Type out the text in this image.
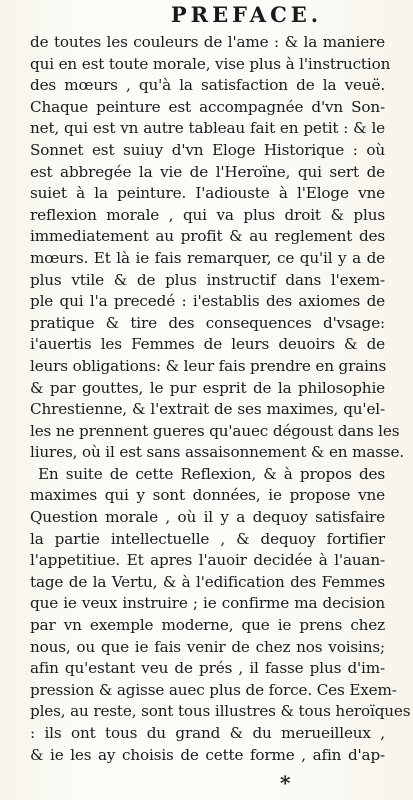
PREFACE.
de toutes les couleurs de l'ame : & la maniere
qui en est toute morale, vise plus à l'instruction
des mœurs , qu'à la satisfaction de la veuë.
Chaque peinture est accompagnée d'vn Son-
net, qui est vn autre tableau fait en petit : & le
Sonnet est suiuy d'vn Eloge Historique : où
est abbregée la vie de l'Heroïne, qui sert de
suiet à la peinture. I'adiouste à l'Eloge vne
reflexion morale , qui va plus droit & plus
immediatement au profit & au reglement des
mœurs. Et là ie fais remarquer, ce qu'il y a de
plus vtile & de plus instructif dans l'exem-
ple qui l'a precedé : i'establis des axiomes de
pratique & tire des consequences d'vsage:
i'auertis les Femmes de leurs deuoirs & de
leurs obligations: & leur fais prendre en grains
& par gouttes, le pur esprit de la philosophie
Chrestienne, & l'extrait de ses maximes, qu'el-
les ne prennent gueres qu'auec dégoust dans les
liures, où il est sans assaisonnement & en masse.
En suite de cette Reflexion, & à propos des
maximes qui y sont données, ie propose vne
Question morale , où il y a dequoy satisfaire
la partie intellectuelle , & dequoy fortifier
l'appetitiue. Et apres l'auoir decidée à l'auan-
tage de la Vertu, & à l'edification des Femmes
que ie veux instruire ; ie confirme ma decision
par vn exemple moderne, que ie prens chez
nous, ou que ie fais venir de chez nos voisins;
afin qu'estant veu de prés , il fasse plus d'im-
pression & agisse auec plus de force. Ces Exem-
ples, au reste, sont tous illustres & tous heroïques
: ils ont tous du grand & du merueilleux ,
& ie les ay choisis de cette forme , afin d'ap-
*
